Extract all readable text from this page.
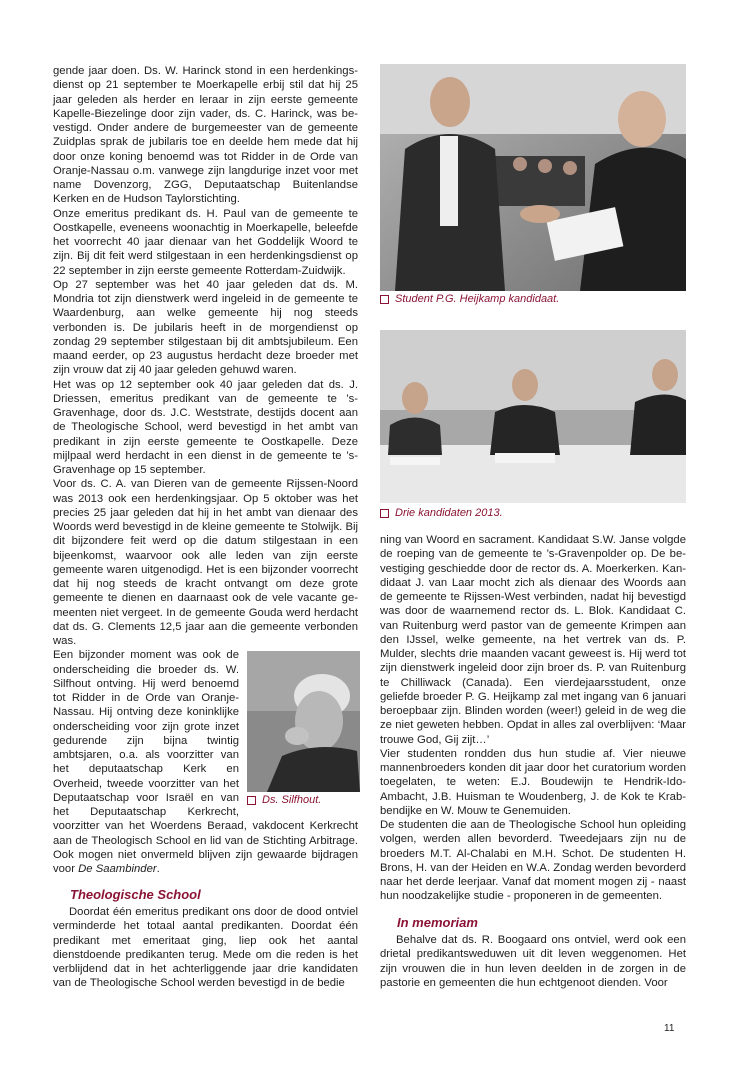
gende jaar doen. Ds. W. Harinck stond in een herdenkingsdienst op 21 september te Moerkapelle erbij stil dat hij 25 jaar geleden als herder en leraar in zijn eerste gemeente Kapelle-Biezelinge door zijn vader, ds. C. Harinck, was bevestigd. Onder andere de burgemeester van de gemeente Zuidplas sprak de jubilaris toe en deelde hem mede dat hij door onze koning benoemd was tot Ridder in de Orde van Oranje-Nassau o.m. vanwege zijn langdurige inzet voor met name Dovenzorg, ZGG, Deputaatschap Buitenlandse Kerken en de Hudson Taylorstichting.

Onze emeritus predikant ds. H. Paul van de gemeente te Oostkapelle, eveneens woonachtig in Moerkapelle, beleefde het voorrecht 40 jaar dienaar van het Goddelijk Woord te zijn. Bij dit feit werd stilgestaan in een herdenkingsdienst op 22 september in zijn eerste gemeente Rotterdam-Zuidwijk.

Op 27 september was het 40 jaar geleden dat ds. M. Mondria tot zijn dienstwerk werd ingeleid in de gemeente te Waardenburg, aan welke gemeente hij nog steeds verbonden is. De jubilaris heeft in de morgendienst op zondag 29 september stilgestaan bij dit ambtsjubileum. Een maand eerder, op 23 augustus herdacht deze broeder met zijn vrouw dat zij 40 jaar geleden gehuwd waren.

Het was op 12 september ook 40 jaar geleden dat ds. J. Driessen, emeritus predikant van de gemeente te ’s-Gravenhage, door ds. J.C. Weststrate, destijds docent aan de Theologische School, werd bevestigd in het ambt van predikant in zijn eerste gemeente te Oostkapelle. Deze mijlpaal werd herdacht in een dienst in de gemeente te ’s-Gravenhage op 15 september.

Voor ds. C. A. van Dieren van de gemeente Rijssen-Noord was 2013 ook een herdenkingsjaar. Op 5 oktober was het precies 25 jaar geleden dat hij in het ambt van dienaar des Woords werd bevestigd in de kleine gemeente te Stolwijk. Bij dit bijzondere feit werd op die datum stilgestaan in een bijeenkomst, waarvoor ook alle leden van zijn eerste gemeente waren uitgenodigd. Het is een bijzonder voorrecht dat hij nog steeds de kracht ontvangt om deze grote gemeente te dienen en daarnaast ook de vele vacante gemeenten niet vergeet. In de gemeente Gouda werd herdacht dat ds. G. Clements 12,5 jaar aan die gemeente verbonden was.

Een bijzonder moment was ook de onderscheiding die broeder ds. W. Silfhout ontving. Hij werd benoemd tot Ridder in de Orde van Oranje-Nassau. Hij ontving deze koninklijke onderscheiding voor zijn grote inzet gedurende zijn bijna twintig ambtsjaren, o.a. als voorzitter van het deputaatschap Kerk en Overheid, tweede voorzitter van het Deputaatschap voor Israël en van het Deputaatschap Kerkrecht, voorzitter van het Woerdens Beraad, vakdocent Kerkrecht aan de Theologisch School en lid van de Stichting Arbitrage. Ook mogen niet onvermeld blijven zijn gewaarde bijdragen voor De Saambinder.

Theologische School

Doordat één emeritus predikant ons door de dood ontviel verminderde het totaal aantal predikanten. Doordat één predikant met emeritaat ging, liep ook het aantal dienstdoende predikanten terug. Mede om die reden is het verblijdend dat in het achterliggende jaar drie kandidaten van de Theologische School werden bevestigd in de bedie

Student P.G. Heijkamp kandidaat.
Drie kandidaten 2013.
Ds. Silfhout.

ning van Woord en sacrament. Kandidaat S.W. Janse volgde de roeping van de gemeente te ’s-Gravenpolder op. De bevestiging geschiedde door de rector ds. A. Moerkerken. Kandidaat J. van Laar mocht zich als dienaar des Woords aan de gemeente te Rijssen-West verbinden, nadat hij bevestigd was door de waarnemend rector ds. L. Blok. Kandidaat C. van Ruitenburg werd pastor van de gemeente Krimpen aan den IJssel, welke gemeente, na het vertrek van ds. P. Mulder, slechts drie maanden vacant geweest is. Hij werd tot zijn dienstwerk ingeleid door zijn broer ds. P. van Ruitenburg te Chilliwack (Canada). Een vierdejaarsstudent, onze geliefde broeder P. G. Heijkamp zal met ingang van 6 januari beroepbaar zijn. Blinden worden (weer!) geleid in de weg die ze niet geweten hebben. Opdat in alles zal overblijven: ‘Maar trouwe God, Gij zijt…’

Vier studenten rondden dus hun studie af. Vier nieuwe mannenbroeders konden dit jaar door het curatorium worden toegelaten, te weten: E.J. Boudewijn te Hendrik-Ido-Ambacht, J.B. Huisman te Woudenberg, J. de Kok te Krabbendijke en W. Mouw te Genemuiden.

De studenten die aan de Theologische School hun opleiding volgen, werden allen bevorderd. Tweedejaars zijn nu de broeders M.T. Al-Chalabi en M.H. Schot. De studenten H. Brons, H. van der Heiden en W.A. Zondag werden bevorderd naar het derde leerjaar. Vanaf dat moment mogen zij - naast hun noodzakelijke studie - proponeren in de gemeenten.

In memoriam

Behalve dat ds. R. Boogaard ons ontviel, werd ook een drietal predikantsweduwen uit dit leven weggenomen. Het zijn vrouwen die in hun leven deelden in de zorgen in de pastorie en gemeenten die hun echtgenoot dienden. Voor

11
